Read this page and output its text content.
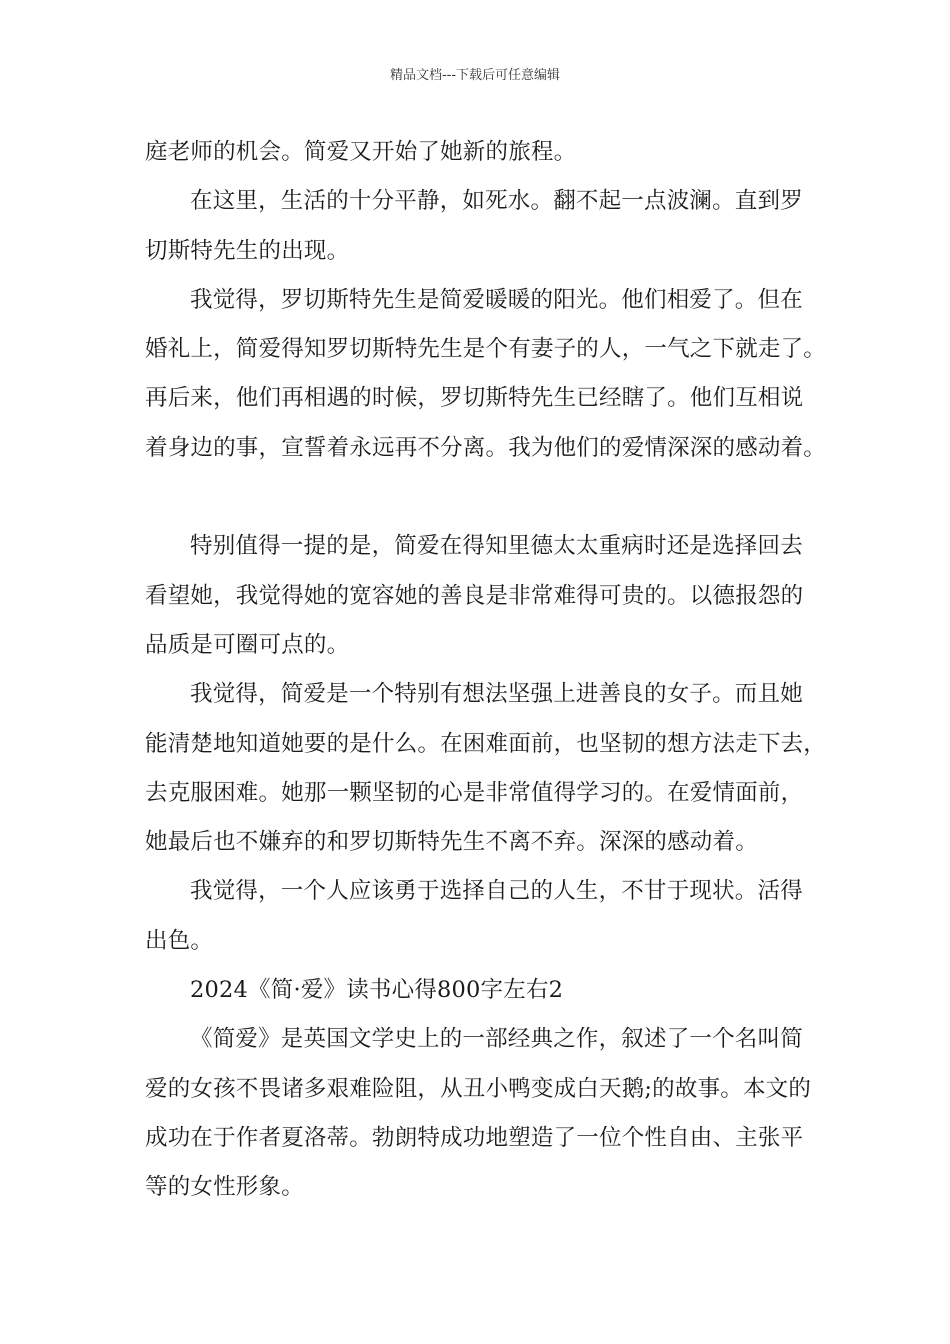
精品文档---下载后可任意编辑
庭老师的机会。简爱又开始了她新的旅程。
在这里，生活的十分平静，如死水。翻不起一点波澜。直到罗
切斯特先生的出现。
我觉得，罗切斯特先生是简爱暖暖的阳光。他们相爱了。但在
婚礼上，简爱得知罗切斯特先生是个有妻子的人，一气之下就走了。
再后来，他们再相遇的时候，罗切斯特先生已经瞎了。他们互相说
着身边的事，宣誓着永远再不分离。我为他们的爱情深深的感动着。
特别值得一提的是，简爱在得知里德太太重病时还是选择回去
看望她，我觉得她的宽容她的善良是非常难得可贵的。以德报怨的
品质是可圈可点的。
我觉得，简爱是一个特别有想法坚强上进善良的女子。而且她
能清楚地知道她要的是什么。在困难面前，也坚韧的想方法走下去，
去克服困难。她那一颗坚韧的心是非常值得学习的。在爱情面前，
她最后也不嫌弃的和罗切斯特先生不离不弃。深深的感动着。
我觉得，一个人应该勇于选择自己的人生，不甘于现状。活得
出色。
2024《简·爱》读书心得800字左右2
《简爱》是英国文学史上的一部经典之作，叙述了一个名叫简
爱的女孩不畏诸多艰难险阻，从丑小鸭变成白天鹅;的故事。本文的
成功在于作者夏洛蒂。勃朗特成功地塑造了一位个性自由、主张平
等的女性形象。
